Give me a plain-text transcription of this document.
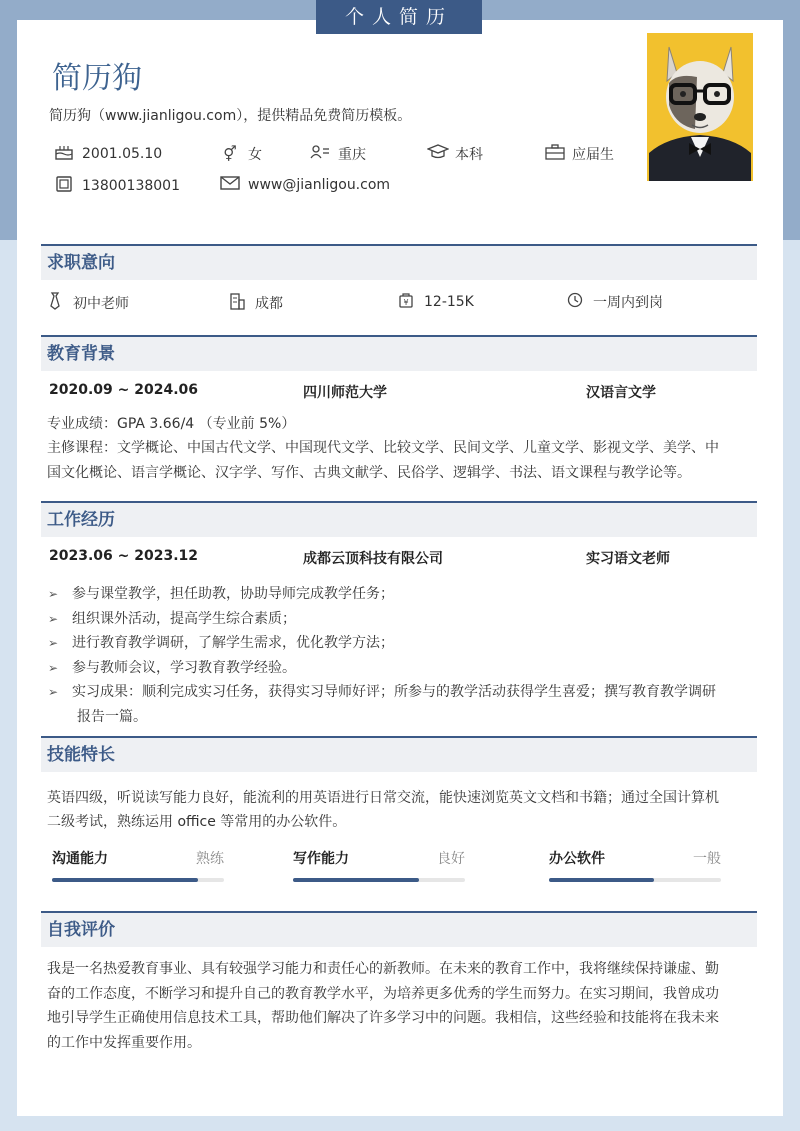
个人简历
简历狗
简历狗（www.jianligou.com），提供精品免费简历模板。
2001.05.10	⚥ 女	重庆	本科	应届生
13800138001	www@jianligou.com
求职意向
初中老师	成都	¥ 12-15K	一周内到岗
教育背景
2020.09 ~ 2024.06	四川师范大学	汉语言文学
专业成绩：GPA 3.66/4 （专业前 5%）
主修课程：文学概论、中国古代文学、中国现代文学、比较文学、民间文学、儿童文学、影视文学、美学、中
国文化概论、语言学概论、汉字学、写作、古典文献学、民俗学、逻辑学、书法、语文课程与教学论等。
工作经历
2023.06 ~ 2023.12	成都云顶科技有限公司	实习语文老师
➢ 参与课堂教学，担任助教，协助导师完成教学任务；
➢ 组织课外活动，提高学生综合素质；
➢ 进行教育教学调研，了解学生需求，优化教学方法；
➢ 参与教师会议，学习教育教学经验。
➢ 实习成果：顺利完成实习任务，获得实习导师好评；所参与的教学活动获得学生喜爱；撰写教育教学调研
报告一篇。
技能特长
英语四级，听说读写能力良好，能流利的用英语进行日常交流，能快速浏览英文文档和书籍；通过全国计算机
二级考试，熟练运用 office 等常用的办公软件。
沟通能力	熟练	写作能力	良好	办公软件	一般
自我评价
我是一名热爱教育事业、具有较强学习能力和责任心的新教师。在未来的教育工作中，我将继续保持谦虚、勤
奋的工作态度，不断学习和提升自己的教育教学水平，为培养更多优秀的学生而努力。在实习期间，我曾成功
地引导学生正确使用信息技术工具，帮助他们解决了许多学习中的问题。我相信，这些经验和技能将在我未来
的工作中发挥重要作用。
